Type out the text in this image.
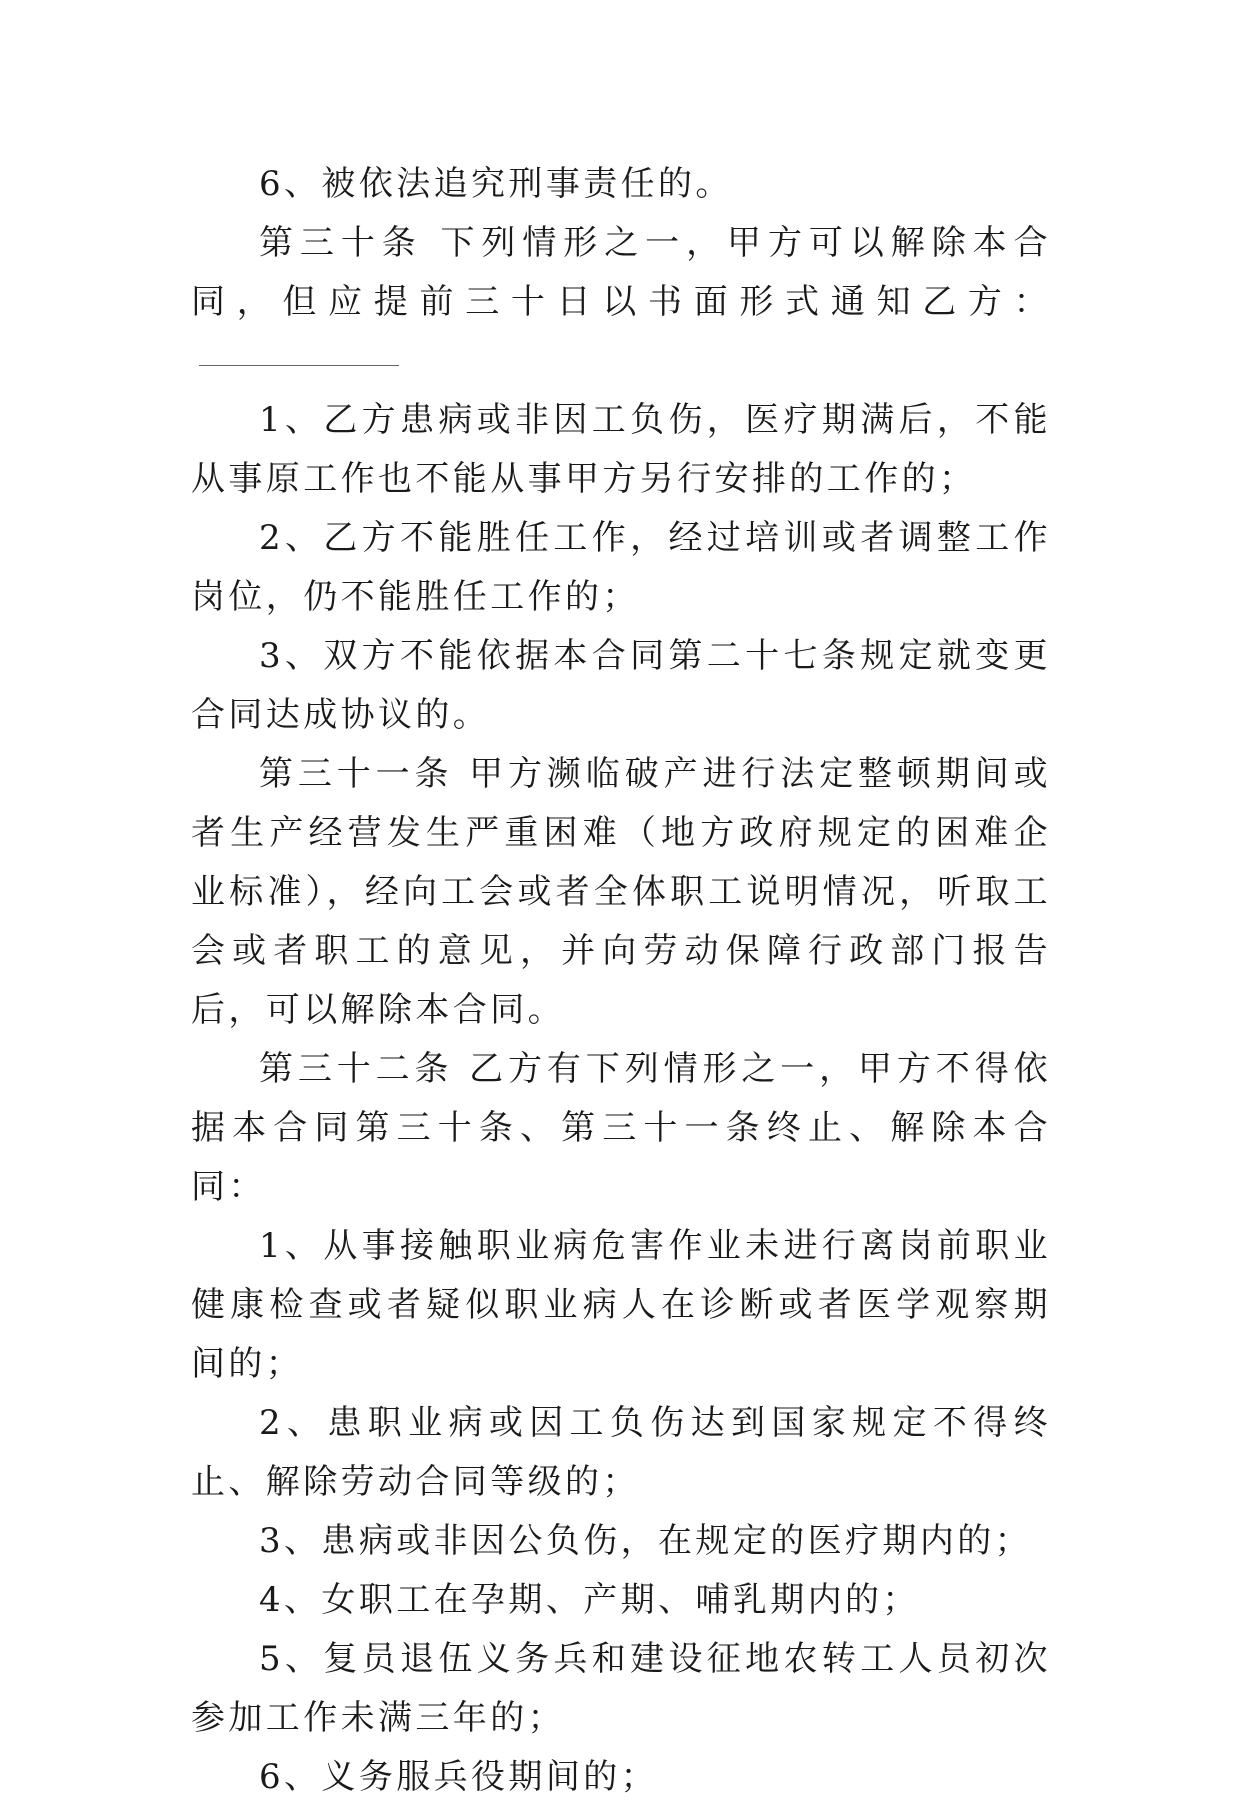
6、被依法追究刑事责任的。

第三十条 下列情形之一，甲方可以解除本合同，但应提前三十日以书面形式通知乙方：

1、乙方患病或非因工负伤，医疗期满后，不能从事原工作也不能从事甲方另行安排的工作的；

2、乙方不能胜任工作，经过培训或者调整工作岗位，仍不能胜任工作的；

3、双方不能依据本合同第二十七条规定就变更合同达成协议的。

第三十一条 甲方濒临破产进行法定整顿期间或者生产经营发生严重困难（地方政府规定的困难企业标准），经向工会或者全体职工说明情况，听取工会或者职工的意见，并向劳动保障行政部门报告后，可以解除本合同。

第三十二条 乙方有下列情形之一，甲方不得依据本合同第三十条、第三十一条终止、解除本合同：

1、从事接触职业病危害作业未进行离岗前职业健康检查或者疑似职业病人在诊断或者医学观察期间的；

2、患职业病或因工负伤达到国家规定不得终止、解除劳动合同等级的；

3、患病或非因公负伤，在规定的医疗期内的；

4、女职工在孕期、产期、哺乳期内的；

5、复员退伍义务兵和建设征地农转工人员初次参加工作未满三年的；

6、义务服兵役期间的；
